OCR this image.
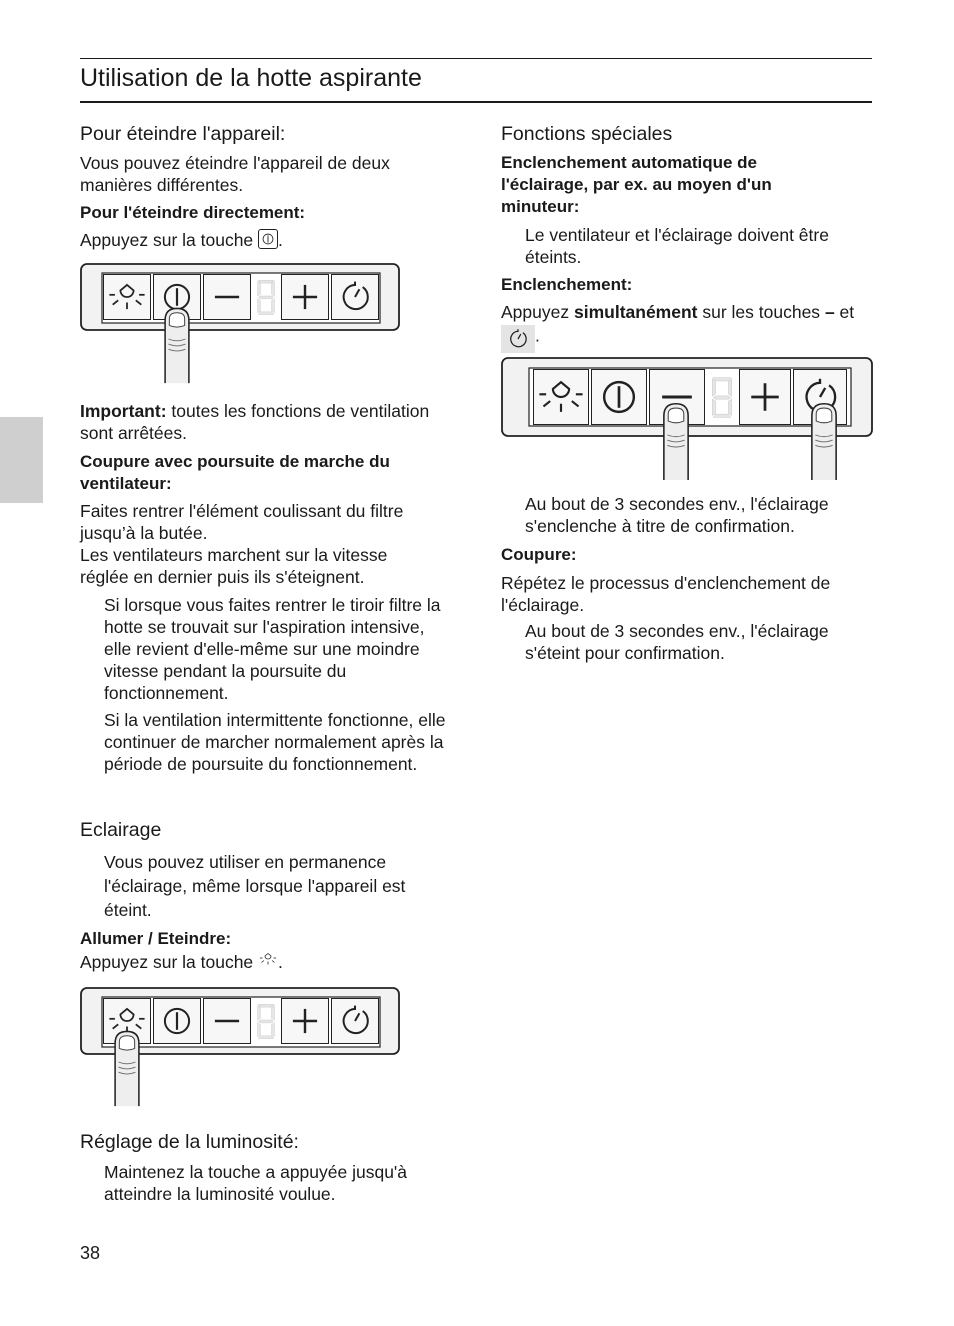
Utilisation de la hotte aspirante
Pour éteindre l'appareil:
Vous pouvez éteindre l'appareil de deux manières différentes.
Pour l'éteindre directement:
Appuyez sur la touche .
Important: toutes les fonctions de ventilation sont arrêtées.
Coupure avec poursuite de marche du ventilateur:
Faites rentrer l'élément coulissant du filtre jusqu’à la butée.
Les ventilateurs marchent sur la vitesse réglée en dernier puis ils s'éteignent.
Si lorsque vous faites rentrer le tiroir filtre la hotte se trouvait sur l'aspiration intensive, elle revient d'elle-même sur une moindre vitesse pendant la poursuite du fonctionnement.
Si la ventilation intermittente fonctionne, elle continuer de marcher normalement après la période de poursuite du fonctionnement.
Eclairage
Vous pouvez utiliser en permanence l'éclairage, même lorsque l'appareil est éteint.
Allumer / Eteindre:
Appuyez sur la touche .
Réglage de la luminosité:
Maintenez la touche a appuyée jusqu'à atteindre la luminosité voulue.
Fonctions spéciales
Enclenchement automatique de l'éclairage, par ex. au moyen d'un minuteur:
Le ventilateur et l'éclairage doivent être éteints.
Enclenchement:
Appuyez simultanément sur les touches – et
.
Au bout de 3 secondes env., l'éclairage s'enclenche à titre de confirmation.
Coupure:
Répétez le processus d'enclenchement de l'éclairage.
Au bout de 3 secondes env., l'éclairage s'éteint pour confirmation.
38
